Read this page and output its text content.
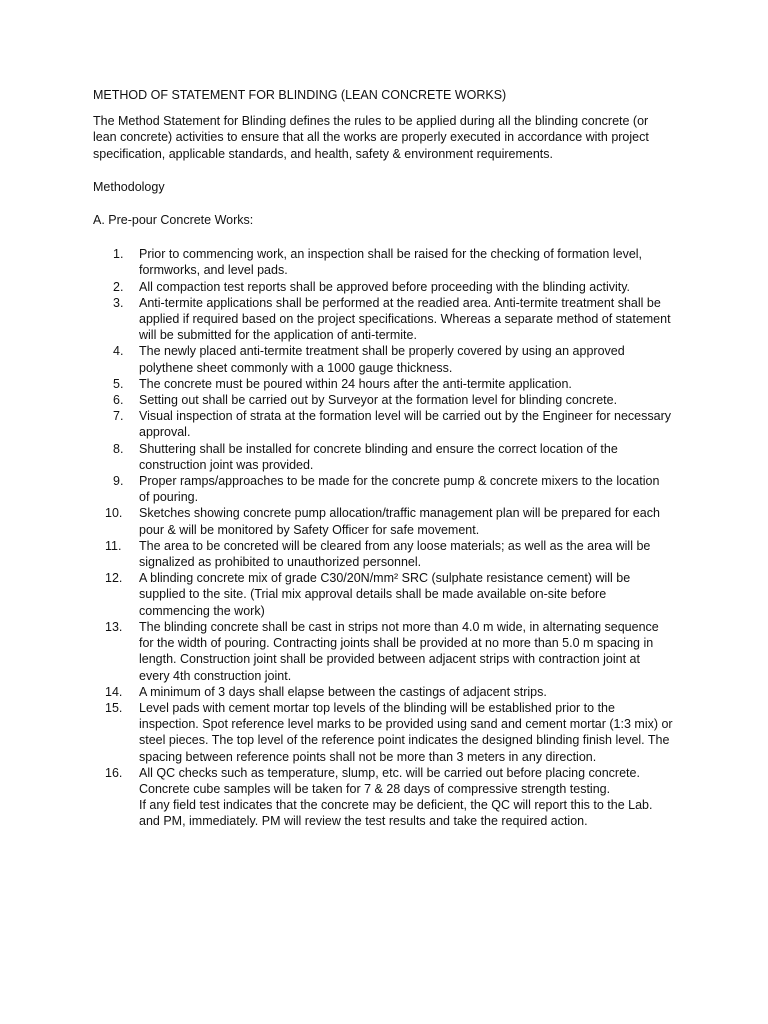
METHOD OF STATEMENT FOR BLINDING (LEAN CONCRETE WORKS)
The Method Statement for Blinding defines the rules to be applied during all the blinding concrete (or lean concrete) activities to ensure that all the works are properly executed in accordance with project specification, applicable standards, and health, safety & environment requirements.
Methodology
A. Pre-pour Concrete Works:
1.	Prior to commencing work, an inspection shall be raised for the checking of formation level, formworks, and level pads.
2.	All compaction test reports shall be approved before proceeding with the blinding activity.
3.	Anti-termite applications shall be performed at the readied area. Anti-termite treatment shall be applied if required based on the project specifications. Whereas a separate method of statement will be submitted for the application of anti-termite.
4.	The newly placed anti-termite treatment shall be properly covered by using an approved polythene sheet commonly with a 1000 gauge thickness.
5.	The concrete must be poured within 24 hours after the anti-termite application.
6.	Setting out shall be carried out by Surveyor at the formation level for blinding concrete.
7.	Visual inspection of strata at the formation level will be carried out by the Engineer for necessary approval.
8.	Shuttering shall be installed for concrete blinding and ensure the correct location of the construction joint was provided.
9.	Proper ramps/approaches to be made for the concrete pump & concrete mixers to the location of pouring.
10.	Sketches showing concrete pump allocation/traffic management plan will be prepared for each pour & will be monitored by Safety Officer for safe movement.
11.	The area to be concreted will be cleared from any loose materials; as well as the area will be signalized as prohibited to unauthorized personnel.
12.	A blinding concrete mix of grade C30/20N/mm² SRC (sulphate resistance cement) will be supplied to the site. (Trial mix approval details shall be made available on-site before commencing the work)
13.	The blinding concrete shall be cast in strips not more than 4.0 m wide, in alternating sequence for the width of pouring. Contracting joints shall be provided at no more than 5.0 m spacing in length. Construction joint shall be provided between adjacent strips with contraction joint at every 4th construction joint.
14.	A minimum of 3 days shall elapse between the castings of adjacent strips.
15.	Level pads with cement mortar top levels of the blinding will be established prior to the inspection. Spot reference level marks to be provided using sand and cement mortar (1:3 mix) or steel pieces. The top level of the reference point indicates the designed blinding finish level. The spacing between reference points shall not be more than 3 meters in any direction.
16.	All QC checks such as temperature, slump, etc. will be carried out before placing concrete. Concrete cube samples will be taken for 7 & 28 days of compressive strength testing.
If any field test indicates that the concrete may be deficient, the QC will report this to the Lab. and PM, immediately. PM will review the test results and take the required action.
